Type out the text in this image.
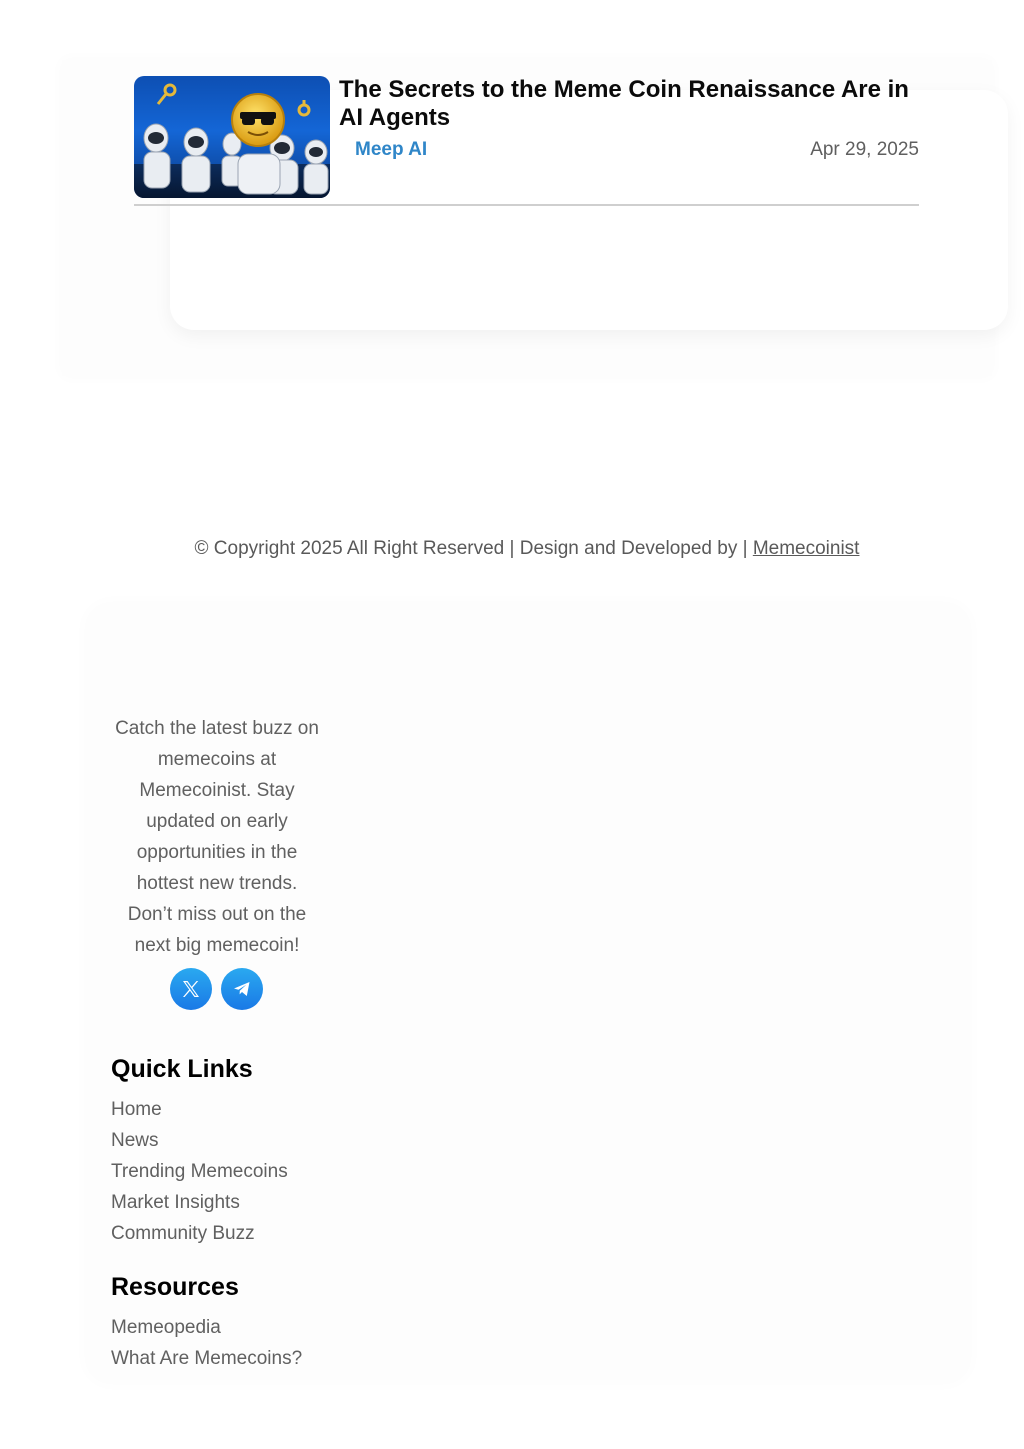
The Secrets to the Meme Coin Renaissance Are in AI Agents
Meep AI	Apr 29, 2025
© Copyright 2025 All Right Reserved | Design and Developed by | Memecoinist
Catch the latest buzz on memecoins at Memecoinist. Stay updated on early opportunities in the hottest new trends. Don’t miss out on the next big memecoin!
Quick Links
Home
News
Trending Memecoins
Market Insights
Community Buzz
Resources
Memeopedia
What Are Memecoins?
